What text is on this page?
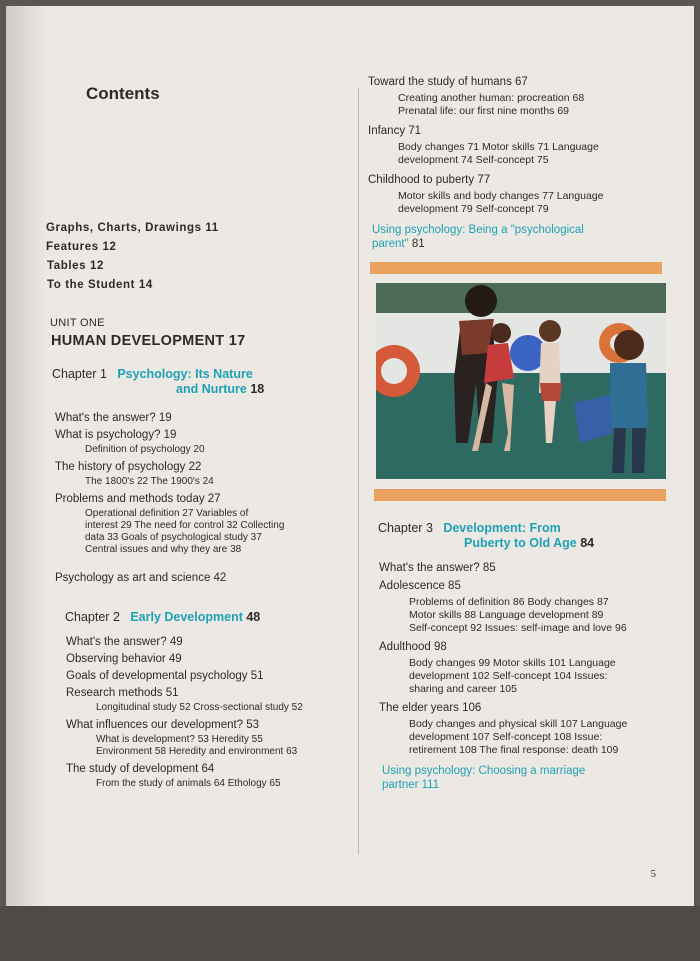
Contents

Graphs, Charts, Drawings 11

Features 12

Tables 12

To the Student 14

UNIT ONE

HUMAN DEVELOPMENT 17

Chapter 1 Psychology: Its Nature

and Nurture 18

What's the answer? 19

What is psychology? 19

Definition of psychology 20

The history of psychology 22

The 1800's 22 The 1900's 24

Problems and methods today 27

Operational definition 27 Variables of

interest 29 The need for control 32 Collecting

data 33 Goals of psychological study 37

Central issues and why they are 38

Psychology as art and science 42

Chapter 2 Early Development 48

What's the answer? 49

Observing behavior 49

Goals of developmental psychology 51

Research methods 51

Longitudinal study 52 Cross-sectional study 52

What influences our development? 53

What is development? 53 Heredity 55

Environment 58 Heredity and environment 63

The study of development 64

From the study of animals 64 Ethology 65

Toward the study of humans 67

Creating another human: procreation 68

Prenatal life: our first nine months 69

Infancy 71

Body changes 71 Motor skills 71 Language

development 74 Self-concept 75

Childhood to puberty 77

Motor skills and body changes 77 Language

development 79 Self-concept 79

Using psychology: Being a "psychological

parent" 81

Chapter 3 Development: From

Puberty to Old Age 84

What's the answer? 85

Adolescence 85

Problems of definition 86 Body changes 87

Motor skills 88 Language development 89

Self-concept 92 Issues: self-image and love 96

Adulthood 98

Body changes 99 Motor skills 101 Language

development 102 Self-concept 104 Issues:

sharing and career 105

The elder years 106

Body changes and physical skill 107 Language

development 107 Self-concept 108 Issue:

retirement 108 The final response: death 109

Using psychology: Choosing a marriage

partner 111

5
